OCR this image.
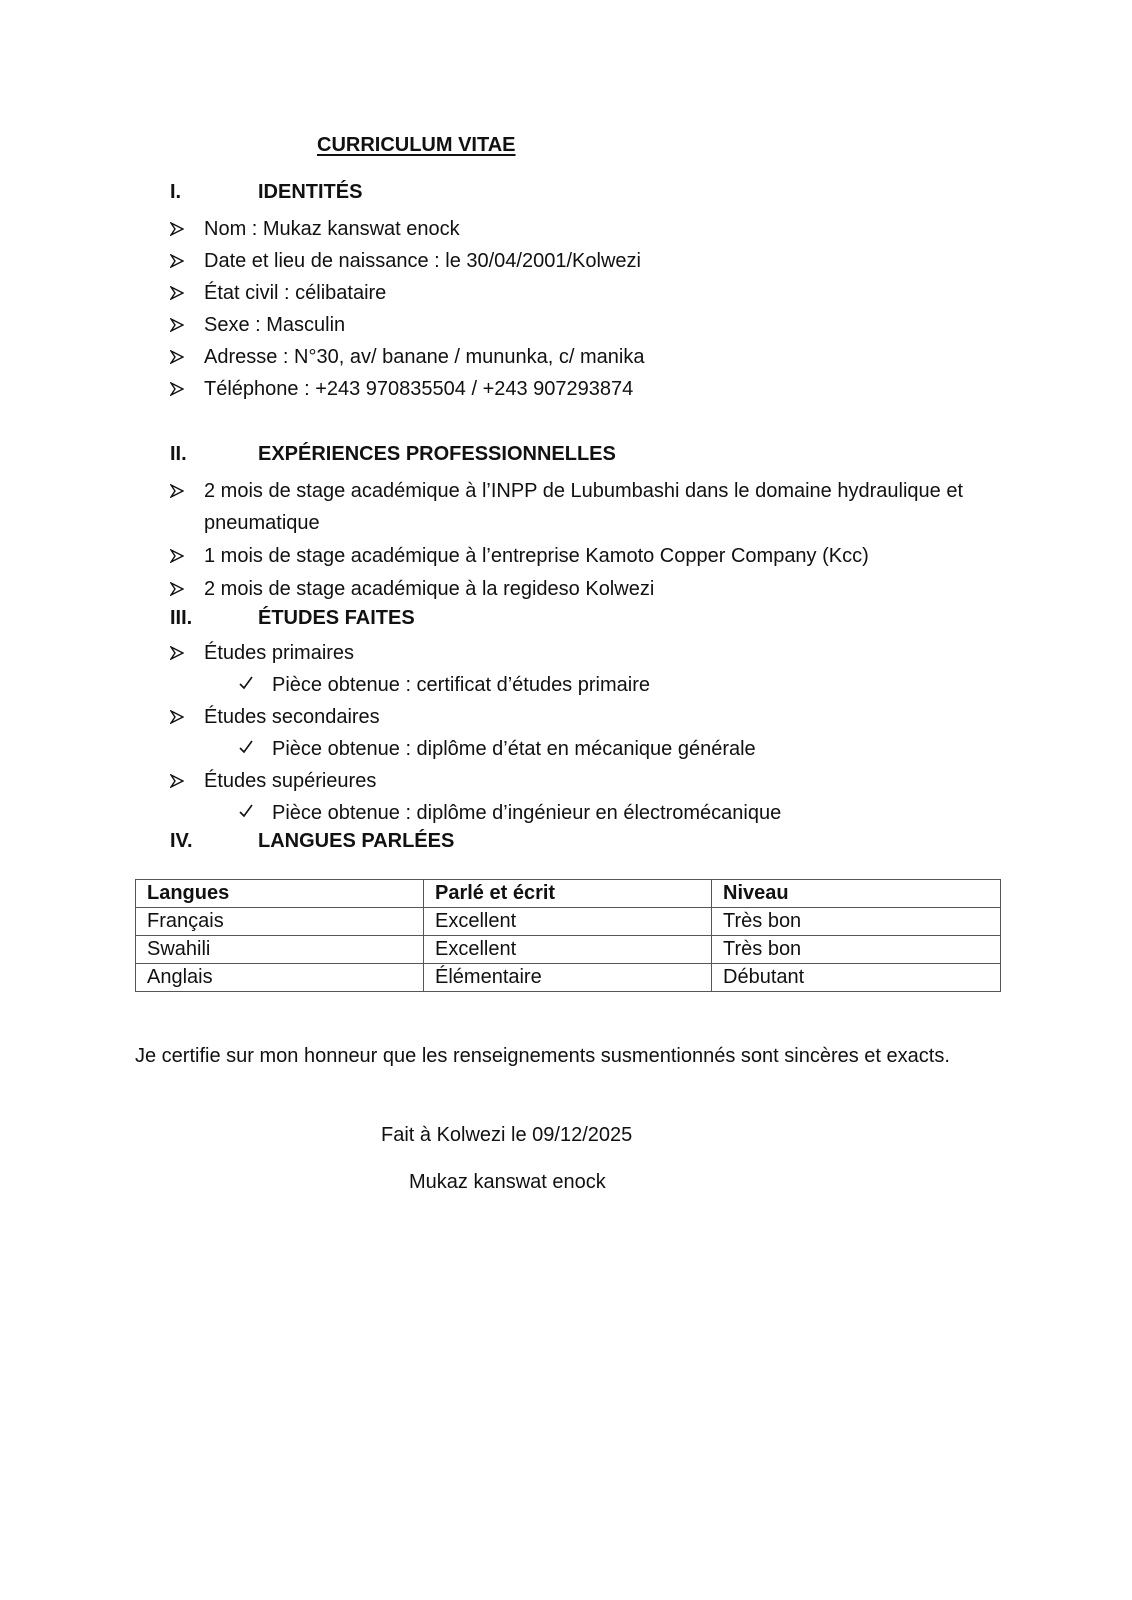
CURRICULUM VITAE
I.	IDENTITÉS
Nom : Mukaz kanswat enock
Date et lieu de naissance : le 30/04/2001/Kolwezi
État civil : célibataire
Sexe : Masculin
Adresse : N°30, av/ banane / mununka, c/ manika
Téléphone : +243 970835504 / +243 907293874
II.	EXPÉRIENCES PROFESSIONNELLES
2 mois de stage académique à l’INPP de Lubumbashi dans le domaine hydraulique et pneumatique
1 mois de stage académique à l’entreprise Kamoto Copper Company (Kcc)
2 mois de stage académique à la regideso Kolwezi
III.	ÉTUDES FAITES
Études primaires
Pièce obtenue : certificat d’études primaire
Études secondaires
Pièce obtenue : diplôme d’état en mécanique générale
Études supérieures
Pièce obtenue : diplôme d’ingénieur en électromécanique
IV.	LANGUES PARLÉES
Langues	Parlé et écrit	Niveau
Français	Excellent	Très bon
Swahili	Excellent	Très bon
Anglais	Élémentaire	Débutant
Je certifie sur mon honneur que les renseignements susmentionnés sont sincères et exacts.
Fait à Kolwezi le 09/12/2025
Mukaz kanswat enock
